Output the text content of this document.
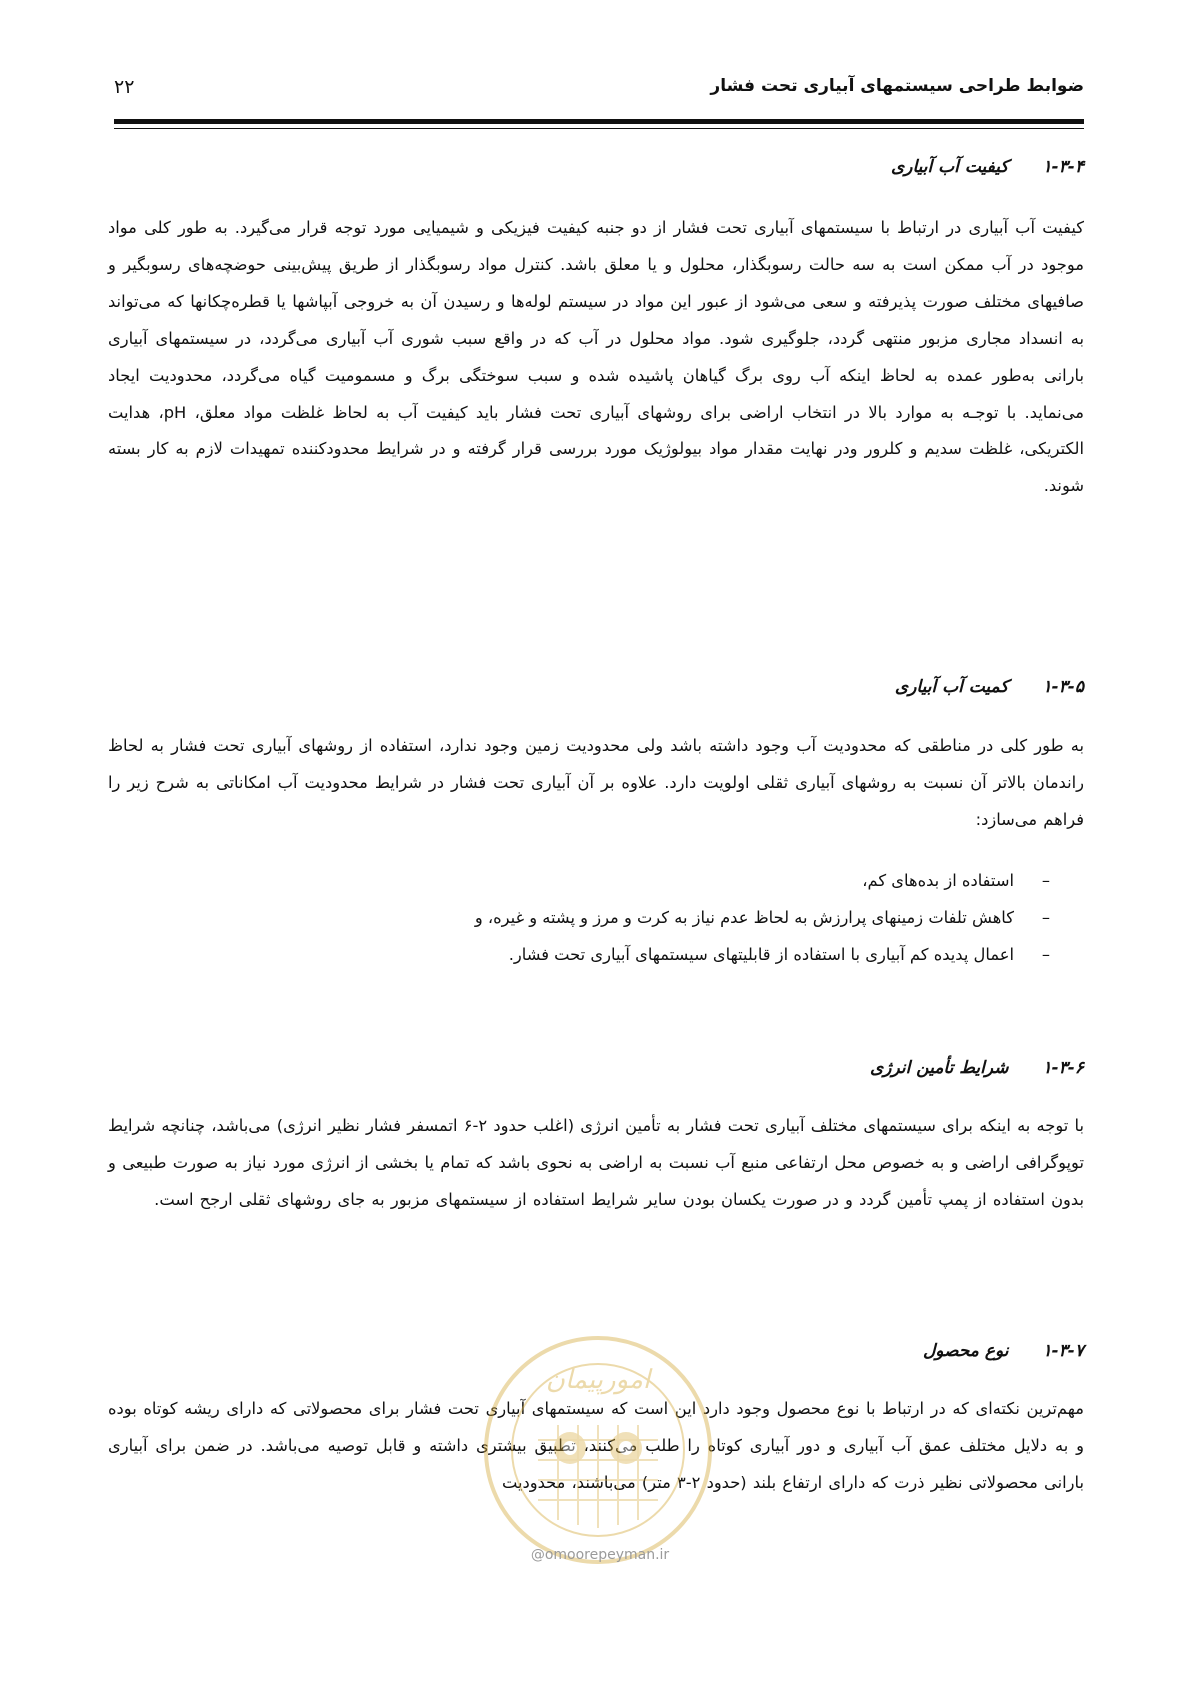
ضوابط طراحی سیستمهای آبیاری تحت فشار
۲۲
۱-۳-۴کیفیت آب آبیاری

کیفیت آب آبیاری در ارتباط با سیستمهای آبیاری تحت فشار از دو جنبه کیفیت فیزیکی و شیمیایی مورد توجه قرار می‌گیرد. به طور کلی مواد موجود در آب ممکن است به سه حالت رسوبگذار، محلول و یا معلق باشد. کنترل مواد رسوبگذار از طریق پیش‌بینی حوضچه‌های رسوبگیر و صافیهای مختلف صورت پذیرفته و سعی می‌شود از عبور این مواد در سیستم لوله‌ها و رسیدن آن به خروجی آبپاشها یا قطره‌چکانها که می‌تواند به انسداد مجاری مزبور منتهی گردد، جلوگیری شود. مواد محلول در آب که در واقع سبب شوری آب آبیاری می‌گردد، در سیستمهای آبیاری بارانی به‌طور عمده به لحاظ اینکه آب روی برگ گیاهان پاشیده شده و سبب سوختگی برگ و مسمومیت گیاه می‌گردد، محدودیت ایجاد می‌نماید. با توجـه به موارد بالا در انتخاب اراضی برای روشهای آبیاری تحت فشار باید کیفیت آب به لحاظ غلظت مواد معلق، pH، هدایت الکتریکی، غلظت سدیم و کلرور ودر نهایت مقدار مواد بیولوژیک مورد بررسی قرار گرفته و در شرایط محدودکننده تمهیدات لازم به کار بسته شوند.

۱-۳-۵کمیت آب آبیاری

به طور کلی در مناطقی که محدودیت آب وجود داشته باشد ولی محدودیت زمین وجود ندارد، استفاده از روشهای آبیاری تحت فشار به لحاظ راندمان بالاتر آن نسبت به روشهای آبیاری ثقلی اولویت دارد. علاوه بر آن آبیاری تحت فشار در شرایط محدودیت آب امکاناتی به شرح زیر را فراهم می‌سازد:

–
استفاده از بده‌های کم،
–
کاهش تلفات زمینهای پرارزش به لحاظ عدم نیاز به کرت و مرز و پشته و غیره، و
–
اعمال پدیده کم آبیاری با استفاده از قابلیتهای سیستمهای آبیاری تحت فشار.
۱-۳-۶شرایط تأمین انرژی

با توجه به اینکه برای سیستمهای مختلف آبیاری تحت فشار به تأمین انرژی (اغلب حدود ۲-۶ اتمسفر فشار نظیر انرژی) می‌باشد، چنانچه شرایط توپوگرافی اراضی و به خصوص محل ارتفاعی منبع آب نسبت به اراضی به نحوی باشد که تمام یا بخشی از انرژی مورد نیاز به صورت طبیعی و بدون استفاده از پمپ تأمین گردد و در صورت یکسان بودن سایر شرایط استفاده از سیستمهای مزبور به جای روشهای ثقلی ارجح است.

۱-۳-۷نوع محصول

مهم‌ترین نکته‌ای که در ارتباط با نوع محصول وجود دارد این است که سیستمهای آبیاری تحت فشار برای محصولاتی که دارای ریشه کوتاه بوده و به دلایل مختلف عمق آب آبیاری و دور آبیاری کوتاه را طلب می‌کنند، تطبیق بیشتری داشته و قابل توصیه می‌باشد. در ضمن برای آبیاری بارانی محصولاتی نظیر ذرت که دارای ارتفاع بلند (حدود ۲-۳ متر) می‌باشند، محدودیت

امورپیمان
@omoorepeyman.ir
